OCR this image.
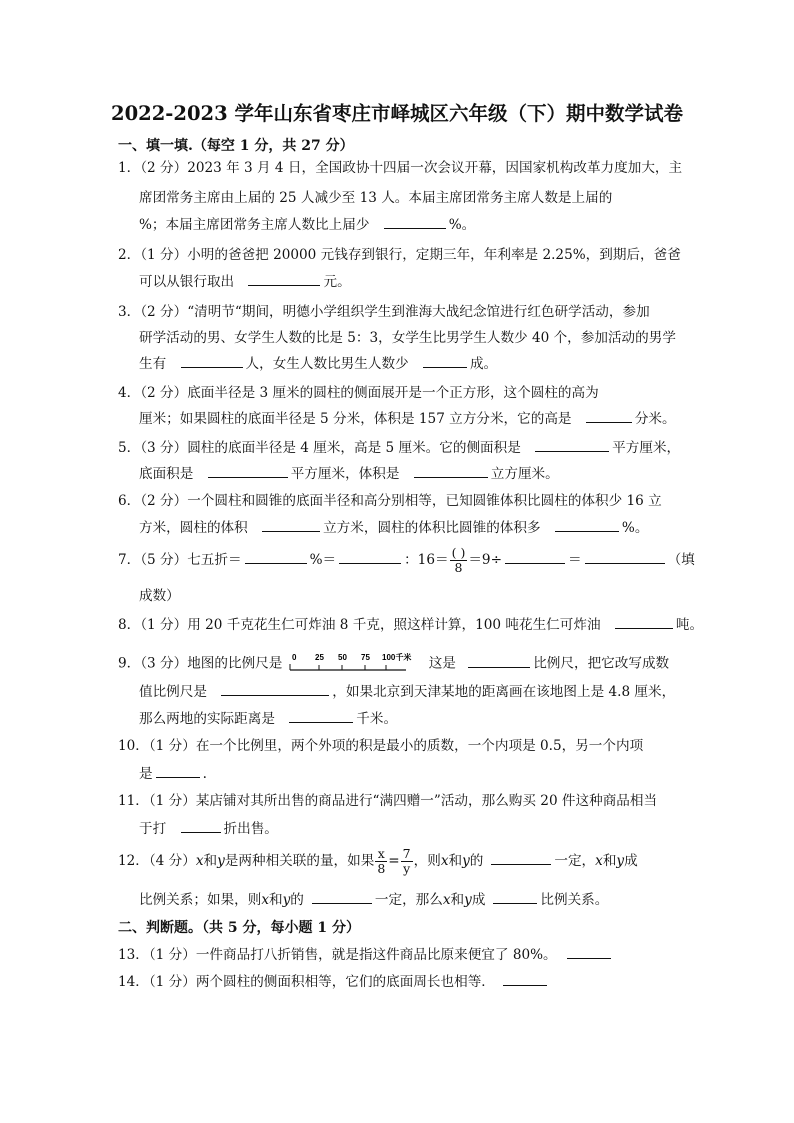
2022-2023 学年山东省枣庄市峄城区六年级（下）期中数学试卷
一、填一填.（每空 1 分，共 27 分）
1．（2 分）2023 年 3 月 4 日，全国政协十四届一次会议开幕，因国家机构改革力度加大，主
席团常务主席由上届的 25 人减少至 13 人。本届主席团常务主席人数是上届的
%；本届主席团常务主席人数比上届少	%。
2．（1 分）小明的爸爸把 20000 元钱存到银行，定期三年，年利率是 2.25%，到期后，爸爸
可以从银行取出	元。
3．（2 分）“清明节“期间，明德小学组织学生到淮海大战纪念馆进行红色研学活动，参加
研学活动的男、女学生人数的比是 5：3，女学生比男学生人数少 40 个，参加活动的男学
生有	人，女生人数比男生人数少	成。
4．（2 分）底面半径是 3 厘米的圆柱的侧面展开是一个正方形，这个圆柱的高为
厘米；如果圆柱的底面半径是 5 分米，体积是 157 立方分米，它的高是	分米。
5．（3 分）圆柱的底面半径是 4 厘米，高是 5 厘米。它的侧面积是	平方厘米，
底面积是	平方厘米，体积是	立方厘米。
6．（2 分）一个圆柱和圆锥的底面半径和高分别相等，已知圆锥体积比圆柱的体积少 16 立
方米，圆柱的体积	立方米，圆柱的体积比圆锥的体积多	%。
7．（5 分）七五折＝	%＝	：$16= \frac{( )}{8} =9\div$	＝	（填
成数）
8．（1 分）用 20 千克花生仁可炸油 8 千克，照这样计算，100 吨花生仁可炸油	吨。
9．（3 分）地图的比例尺是 0 25 50 75 100千米 这是	比例尺，把它改写成数
值比例尺是	，如果北京到天津某地的距离画在该地图上是 4.8 厘米，
那么两地的实际距离是	千米。
10．（1 分）在一个比例里，两个外项的积是最小的质数，一个内项是 0.5，另一个内项
是	.
11．（1 分）某店铺对其所出售的商品进行“满四赠一”活动，那么购买 20 件这种商品相当
于打	折出售。
12．（4 分）x和y是两种相关联的量，如果 $\frac{x}{8} = \frac{7}{y}$ ，则x和y的	一定，x和y成
比例关系；如果，则x和y的	一定，那么x和y成	比例关系。
二、判断题。（共 5 分，每小题 1 分）
13．（1 分）一件商品打八折销售，就是指这件商品比原来便宜了 80%。
14．（1 分）两个圆柱的侧面积相等，它们的底面周长也相等．
